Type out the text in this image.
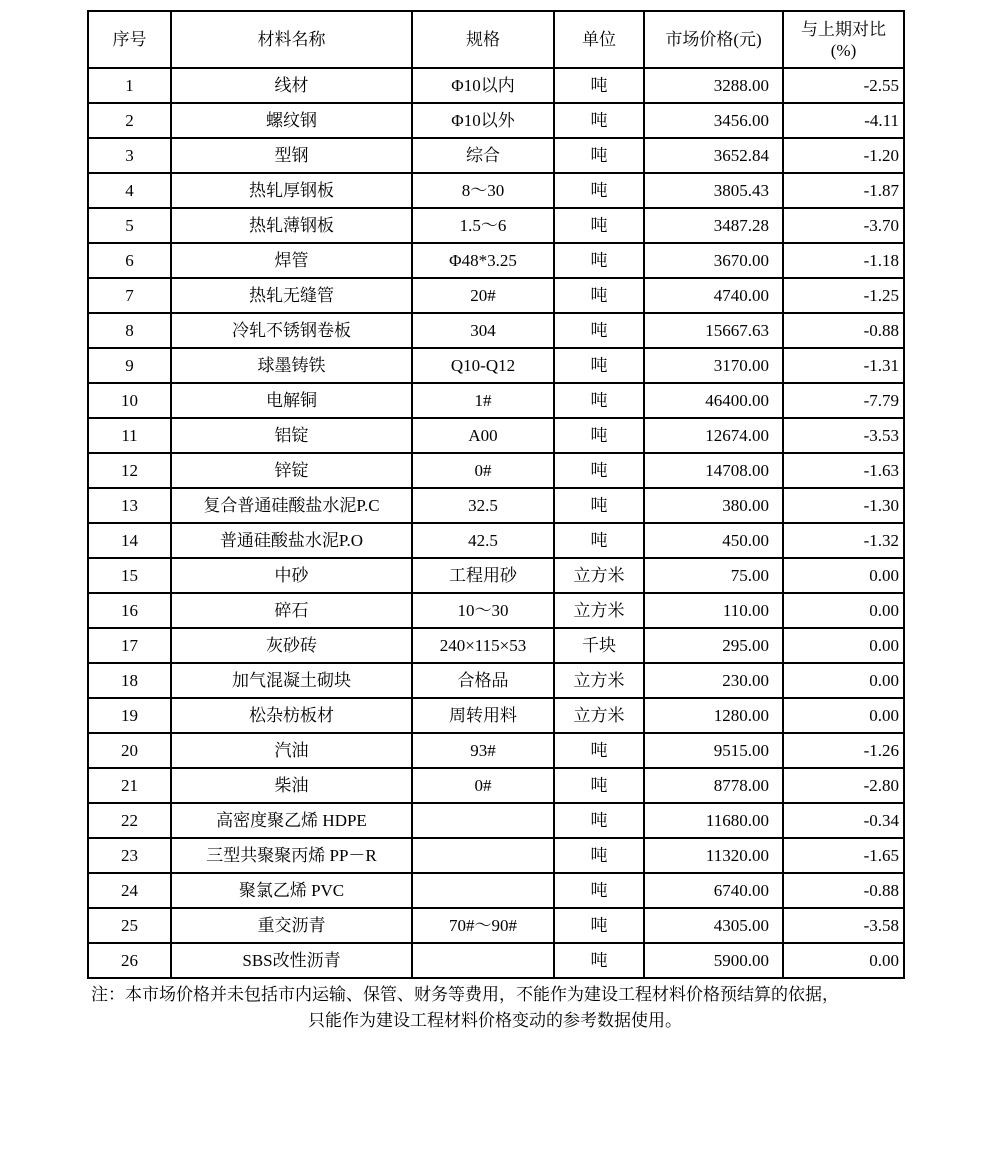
序号	材料名称	规格	单位	市场价格(元)	与上期对比
(%)

1	线材	Φ10以内	吨	3288.00	-2.55
2	螺纹钢	Φ10以外	吨	3456.00	-4.11
3	型钢	综合	吨	3652.84	-1.20
4	热轧厚钢板	8～30	吨	3805.43	-1.87
5	热轧薄钢板	1.5～6	吨	3487.28	-3.70
6	焊管	Φ48*3.25	吨	3670.00	-1.18
7	热轧无缝管	20#	吨	4740.00	-1.25
8	冷轧不锈钢卷板	304	吨	15667.63	-0.88
9	球墨铸铁	Q10-Q12	吨	3170.00	-1.31
10	电解铜	1#	吨	46400.00	-7.79
11	铝锭	A00	吨	12674.00	-3.53
12	锌锭	0#	吨	14708.00	-1.63
13	复合普通硅酸盐水泥P.C	32.5	吨	380.00	-1.30
14	普通硅酸盐水泥P.O	42.5	吨	450.00	-1.32
15	中砂	工程用砂	立方米	75.00	0.00
16	碎石	10～30	立方米	110.00	0.00
17	灰砂砖	240×115×53	千块	295.00	0.00
18	加气混凝土砌块	合格品	立方米	230.00	0.00
19	松杂枋板材	周转用料	立方米	1280.00	0.00
20	汽油	93#	吨	9515.00	-1.26
21	柴油	0#	吨	8778.00	-2.80
22	高密度聚乙烯 HDPE		吨	11680.00	-0.34
23	三型共聚聚丙烯 PP－R		吨	11320.00	-1.65
24	聚氯乙烯 PVC		吨	6740.00	-0.88
25	重交沥青	70#～90#	吨	4305.00	-3.58
26	SBS改性沥青		吨	5900.00	0.00
注：本市场价格并未包括市内运输、保管、财务等费用，不能作为建设工程材料价格预结算的依据，
只能作为建设工程材料价格变动的参考数据使用。
